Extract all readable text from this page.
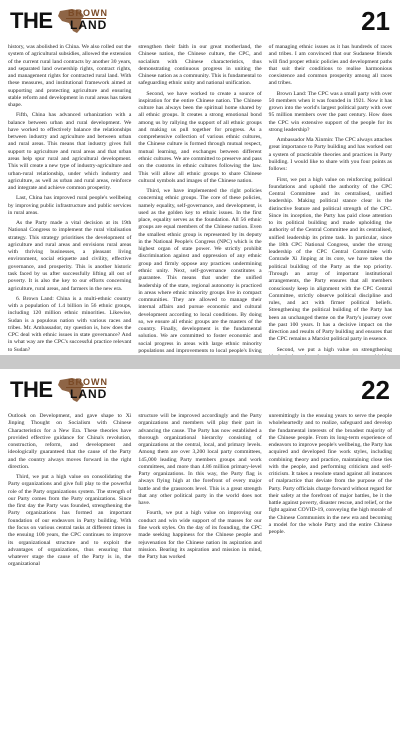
THE BROWN
LAND	21

history, was abolished in China. We also rolled out the system of agricultural subsidies, allowed the extension of the current rural land contracts by another 30 years, and separated land ownership rights, contract rights, and management rights for contracted rural land. With these measures, and institutional framework aimed at supporting and protecting agriculture and ensuring stable reform and development in rural areas has taken shape.

Fifth, China has advanced urbanization with a balance between urban and rural development. We have worked to effectively balance the relationships between industry and agriculture and between urban and rural areas. This means that industry gives full support to agriculture and rural areas and that urban areas help spur rural and agricultural development. This will create a new type of industry-agriculture and urban-rural relationship, under which industry and agriculture, as well as urban and rural areas, reinforce and integrate and achieve common prosperity.

Last, China has improved rural people's wellbeing by improving public infrastructure and public services in rural areas.

As the Party made a vital decision at its 19th National Congress to implement the rural vitalisation strategy. This strategy prioritises the development of agriculture and rural areas and envisions rural areas with thriving businesses, a pleasant living environment, social etiquette and civility, effective governance, and prosperity. This is another historic task faced by us after successfully lifting all out of poverty. It is also the key to our efforts concerning agriculture, rural areas, and farmers in the new era.

6. Brown Land: China is a multi-ethnic country with a population of 1.4 billion in 56 ethnic groups, including 120 million ethnic minorities. Likewise, Sudan is a populous nation with various races and tribes. Mr. Ambassador, my question is, how does the CPC deal with ethnic issues in state governance? And in what way are the CPC's successful practice relevant to Sudan?

strengthen their faith in our great motherland, the Chinese nation, the Chinese culture, the CPC, and socialism with Chinese characteristics, thus demonstrating continuous progress in uniting the Chinese nation as a community. This is fundamental to safeguarding ethnic unity and national unification.

Second, we have worked to create a source of inspiration for the entire Chinese nation. The Chinese culture has always been the spiritual home shared by all ethnic groups. It creates a strong emotional bond among us by rallying the support of all ethnic groups and making us pull together for progress. As a comprehensive collection of various ethnic cultures, the Chinese culture is formed through mutual respect, mutual learning, and exchanges between different ethnic cultures. We are committed to preserve and pass on the customs in ethnic cultures following the law. This will allow all ethnic groups to share Chinese cultural symbols and images of the Chinese nation.

Third, we have implemented the right policies concerning ethnic groups. The core of these policies, namely equality, self-governance, and development, is used as the golden key to ethnic issues. In the first place, equality serves as the foundation. All 56 ethnic groups are equal members of the Chinese nation. Even the smallest ethnic group is represented by its deputy in the National People's Congress (NPC) which is the highest organ of state power. We strictly prohibit discrimination against and oppression of any ethnic group and firmly oppose any practices undermining ethnic unity. Next, self-governance constitutes a guarantee. This means that under the unified leadership of the state, regional autonomy is practiced in areas where ethnic minority groups live in compact communities. They are allowed to manage their internal affairs and pursue economic and cultural development according to local conditions. By doing so, we ensure all ethnic groups are the masters of the country. Finally, development is the fundamental solution. We are committed to foster economic and social progress in areas with large ethnic minority populations and improvements to local people's living

of managing ethnic issues as it has hundreds of races and tribes. I am convinced that our Sudanese friends will find proper ethnic policies and development paths that suit their conditions to realise harmonious coexistence and common prosperity among all races and tribes.

Brown Land: The CPC was a small party with over 50 members when it was founded in 1921. Now it has grown into the world's largest political party with over 95 million members over the past century. How does the CPC win extensive support of the people for its strong leadership?

Ambassador Ma Xinmin: The CPC always attaches great importance to Party building and has worked out a system of practicable theories and practices in Party building. I would like to share with you four points as follows:

First, we put a high value on reinforcing political foundations and uphold the authority of the CPC Central Committee and its centralised, unified leadership. Making political stance clear is the distinctive feature and political strength of the CPC. Since its inception, the Party has paid close attention to its political building and made upholding the authority of the Central Committee and its centralised, unified leadership its prime task. In particular, since the 18th CPC National Congress, under the strong leadership of the CPC Central Committee with Comrade Xi Jinping at its core, we have taken the political building of the Party as the top priority. Through an array of important institutional arrangements, the Party ensures that all members consciously keep in alignment with the CPC Central Committee, strictly observe political discipline and rules, and act with firmer political beliefs. Strengthening the political building of the Party has been an unchanged theme on the Party's journey over the past 100 years. It has a decisive impact on the direction and results of Party building and ensures that the CPC remains a Marxist political party in essence.

Second, we put a high value on strengthening

THE BROWN
LAND	22

Outlook on Development, and gave shape to Xi Jinping Thought on Socialism with Chinese Characteristics for a New Era. These theories have provided effective guidance for China's revolution, construction, reform, and development and ideologically guaranteed that the cause of the Party and the country always moves forward in the right direction.

Third, we put a high value on consolidating the Party organizations and give full play to the powerful role of the Party organizations system. The strength of our Party comes from the Party organizations. Since the first day the Party was founded, strengthening the Party organizations has formed an important foundation of our endeavors in Party building. With the focus on various central tasks at different times in the ensuing 100 years, the CPC continues to improve its organizational structure and to exploit the advantages of organizations, thus ensuring that whatever stage the cause of the Party is in, the organizational

structure will be improved accordingly and the Party organizations and members will play their part in advancing the cause. The Party has now established a thorough organizational hierarchy consisting of organizations at the central, local, and primary levels. Among them are over 3,200 local party committees, 145,000 leading Party members groups and work committees, and more than 4.86 million primary-level Party organizations. In this way, the Party flag is always flying high at the forefront of every major battle and the grassroots level. This is a great strength that any other political party in the world does not have.

Fourth, we put a high value on improving our conduct and win wide support of the masses for our fine work styles. On the day of its founding, the CPC made seeking happiness for the Chinese people and rejuvenation for the Chinese nation its aspiration and mission. Bearing its aspiration and mission in mind, the Party has worked

unremittingly in the ensuing years to serve the people wholeheartedly and to realize, safeguard and develop the fundamental interests of the broadest majority of the Chinese people. From its long-term experience of endeavors to improve people's wellbeing, the Party has acquired and developed fine work styles, including combining theory and practice, maintaining close ties with the people, and performing criticism and self-criticism. It takes a resolute stand against all instances of malpractice that deviate from the purpose of the Party. Party officials charge forward without regard for their safety at the forefront of major battles, be it the battle against poverty, disaster rescue, and relief, or the fight against COVID-19, conveying the high morale of the Chinese Communists in the new era and becoming a model for the whole Party and the entire Chinese people.
